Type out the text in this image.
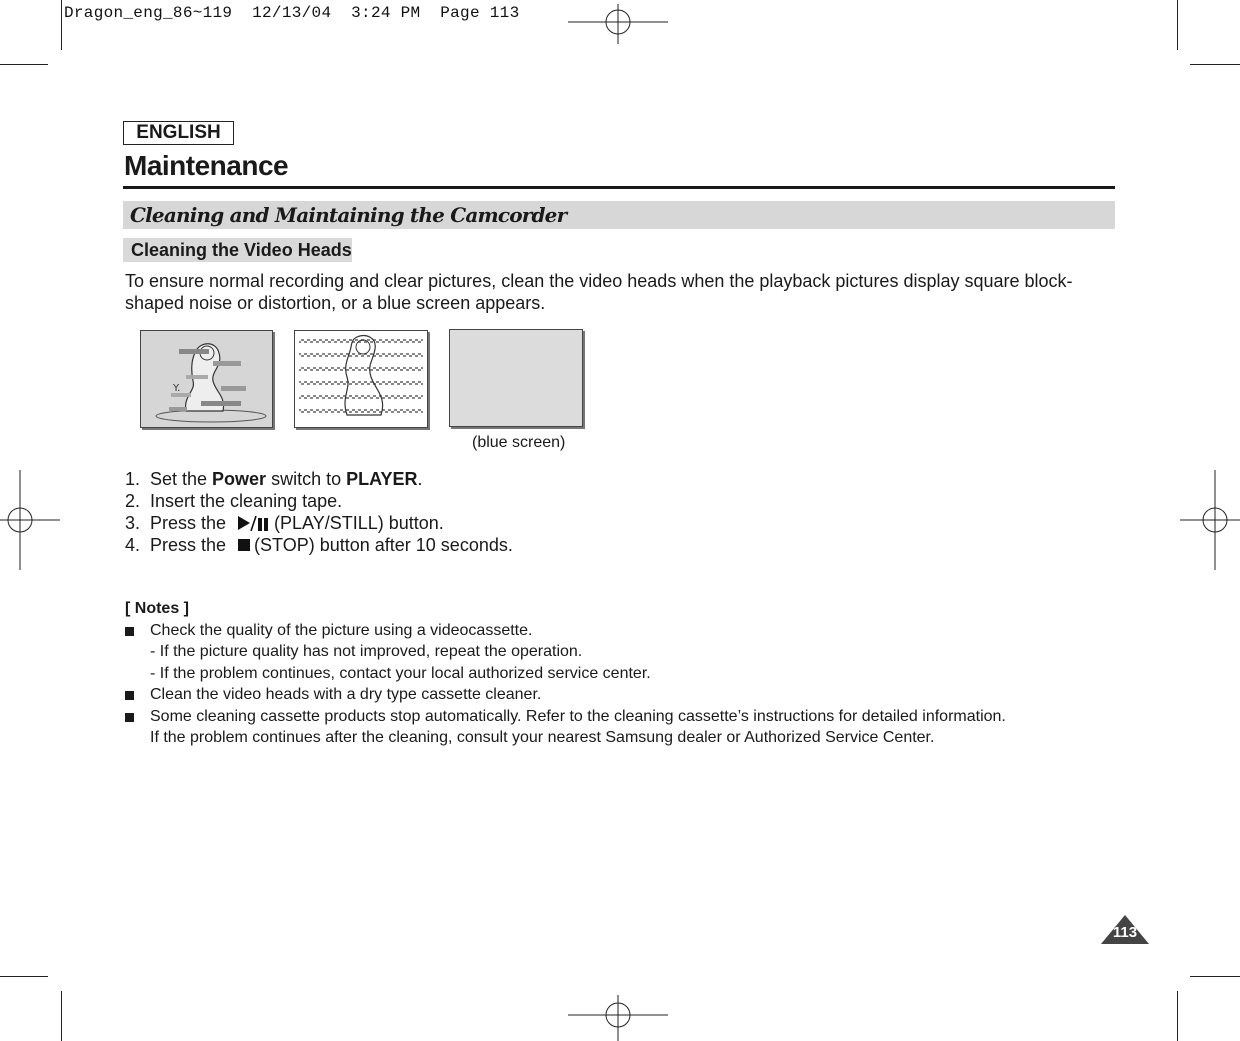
Dragon_eng_86~119  12/13/04  3:24 PM  Page 113
ENGLISH
Maintenance
Cleaning and Maintaining the Camcorder
Cleaning the Video Heads
To ensure normal recording and clear pictures, clean the video heads when the playback pictures display square block-shaped noise or distortion, or a blue screen appears.
Y.
(blue screen)
1. Set the Power switch to PLAYER.
2. Insert the cleaning tape.
3. Press the (PLAY/STILL) button.
4. Press the (STOP) button after 10 seconds.
[ Notes ]
Check the quality of the picture using a videocassette.
- If the picture quality has not improved, repeat the operation.
- If the problem continues, contact your local authorized service center.
Clean the video heads with a dry type cassette cleaner.
Some cleaning cassette products stop automatically. Refer to the cleaning cassette’s instructions for detailed information.
If the problem continues after the cleaning, consult your nearest Samsung dealer or Authorized Service Center.
113
